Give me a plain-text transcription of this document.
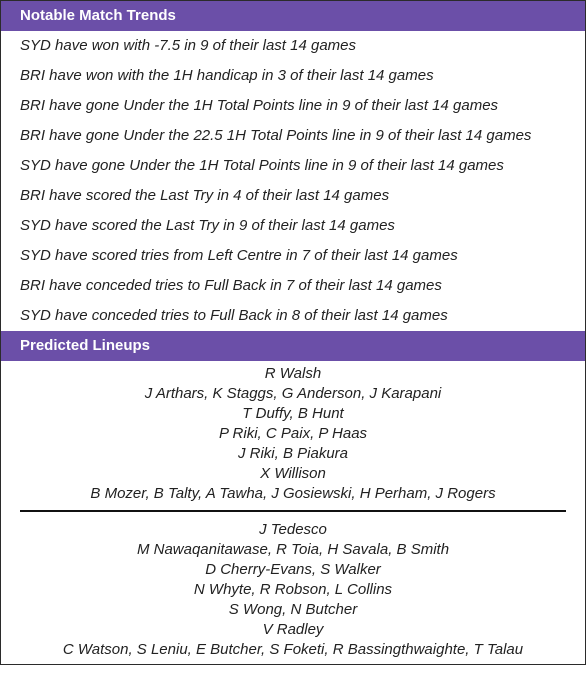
Notable Match Trends
SYD have won with -7.5 in 9 of their last 14 games
BRI have won with the 1H handicap in 3 of their last 14 games
BRI have gone Under the 1H Total Points line in 9 of their last 14 games
BRI have gone Under the 22.5 1H Total Points line in 9 of their last 14 games
SYD have gone Under the 1H Total Points line in 9 of their last 14 games
BRI have scored the Last Try in 4 of their last 14 games
SYD have scored the Last Try in 9 of their last 14 games
SYD have scored tries from Left Centre in 7 of their last 14 games
BRI have conceded tries to Full Back in 7 of their last 14 games
SYD have conceded tries to Full Back in 8 of their last 14 games
Predicted Lineups
R Walsh
J Arthars, K Staggs, G Anderson, J Karapani
T Duffy, B Hunt
P Riki, C Paix, P Haas
J Riki, B Piakura
X Willison
B Mozer, B Talty, A Tawha, J Gosiewski, H Perham, J Rogers
J Tedesco
M Nawaqanitawase, R Toia, H Savala, B Smith
D Cherry-Evans, S Walker
N Whyte, R Robson, L Collins
S Wong, N Butcher
V Radley
C Watson, S Leniu, E Butcher, S Foketi, R Bassingthwaighte, T Talau
